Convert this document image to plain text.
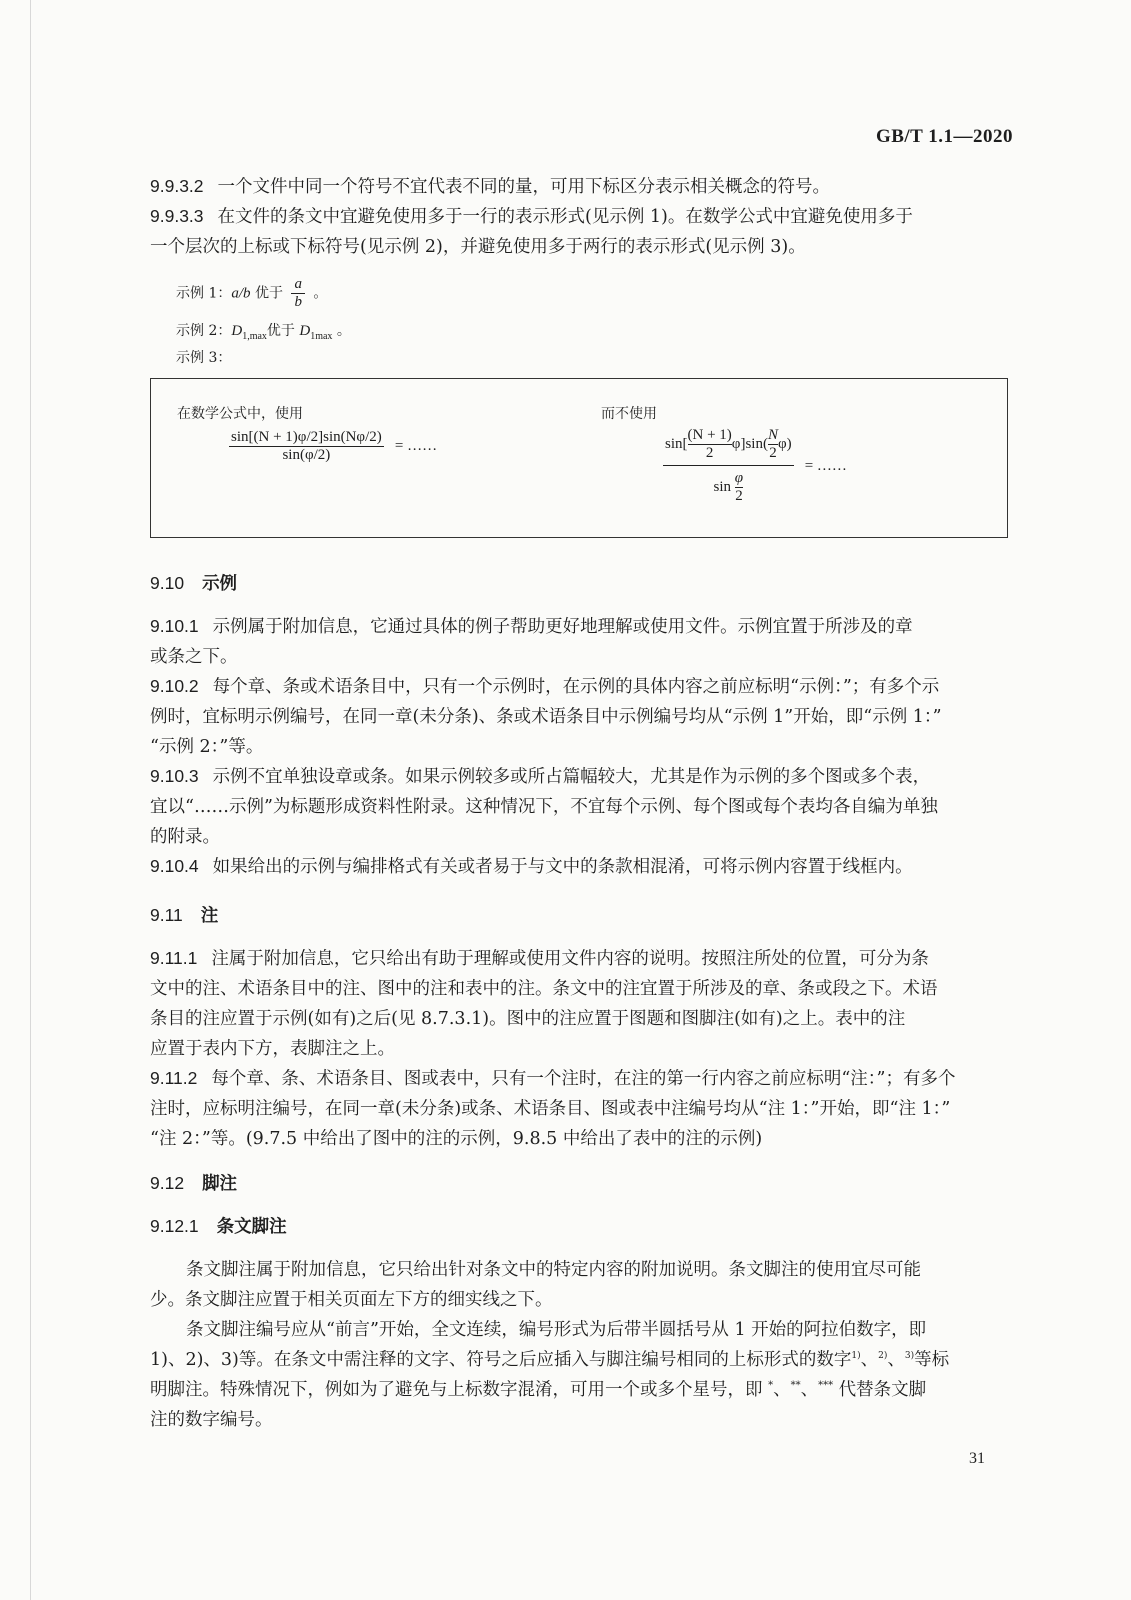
GB/T 1.1—2020
9.9.3.2 一个文件中同一个符号不宜代表不同的量，可用下标区分表示相关概念的符号。
9.9.3.3 在文件的条文中宜避免使用多于一行的表示形式(见示例 1)。在数学公式中宜避免使用多于
一个层次的上标或下标符号(见示例 2)，并避免使用多于两行的表示形式(见示例 3)。
示例 1：a/b 优于 $\frac{a}{b}$ 。
示例 2：$D_{1,max}$优于 $D_{1max}$ 。
示例 3：
在数学公式中，使用	而不使用
$\frac{\sin[(N + 1)\varphi/2]\sin(N\varphi/2)}{\sin(\varphi/2)}$ = ……	$\frac{\sin[ \frac{(N + 1)}{2} \varphi]\sin( \frac{N}{2} \varphi)}{\sin \frac{\varphi}{2}}$ = ……
9.10 示例
9.10.1 示例属于附加信息，它通过具体的例子帮助更好地理解或使用文件。示例宜置于所涉及的章
或条之下。
9.10.2 每个章、条或术语条目中，只有一个示例时，在示例的具体内容之前应标明“示例：”；有多个示
例时，宜标明示例编号，在同一章(未分条)、条或术语条目中示例编号均从“示例 1”开始，即“示例 1：”
“示例 2：”等。
9.10.3 示例不宜单独设章或条。如果示例较多或所占篇幅较大，尤其是作为示例的多个图或多个表，
宜以“……示例”为标题形成资料性附录。这种情况下，不宜每个示例、每个图或每个表均各自编为单独
的附录。
9.10.4 如果给出的示例与编排格式有关或者易于与文中的条款相混淆，可将示例内容置于线框内。
9.11 注
9.11.1 注属于附加信息，它只给出有助于理解或使用文件内容的说明。按照注所处的位置，可分为条
文中的注、术语条目中的注、图中的注和表中的注。条文中的注宜置于所涉及的章、条或段之下。术语
条目的注应置于示例(如有)之后(见 8.7.3.1)。图中的注应置于图题和图脚注(如有)之上。表中的注
应置于表内下方，表脚注之上。
9.11.2 每个章、条、术语条目、图或表中，只有一个注时，在注的第一行内容之前应标明“注：”；有多个
注时，应标明注编号，在同一章(未分条)或条、术语条目、图或表中注编号均从“注 1：”开始，即“注 1：”
“注 2：”等。(9.7.5 中给出了图中的注的示例，9.8.5 中给出了表中的注的示例)
9.12 脚注
9.12.1 条文脚注
条文脚注属于附加信息，它只给出针对条文中的特定内容的附加说明。条文脚注的使用宜尽可能
少。条文脚注应置于相关页面左下方的细实线之下。
条文脚注编号应从“前言”开始，全文连续，编号形式为后带半圆括号从 1 开始的阿拉伯数字，即
1)、2)、3)等。在条文中需注释的文字、符号之后应插入与脚注编号相同的上标形式的数字$^{1)}$、$^{2)}$、$^{3)}$等标
明脚注。特殊情况下，例如为了避免与上标数字混淆，可用一个或多个星号，即 *、**、*** 代替条文脚
注的数字编号。
31
